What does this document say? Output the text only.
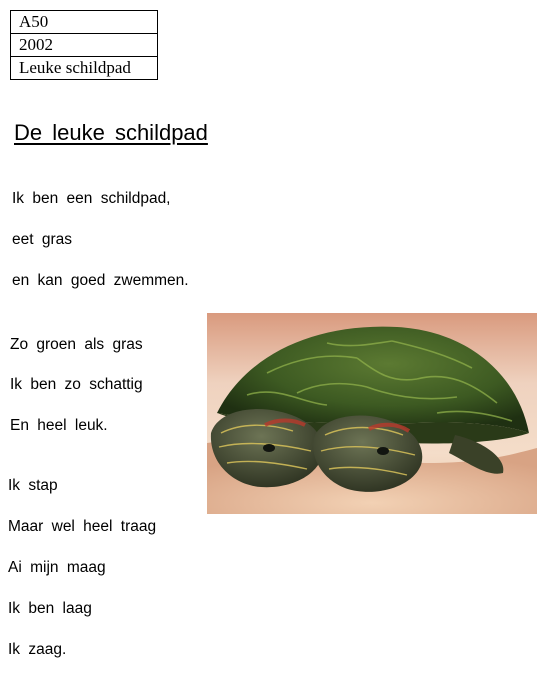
A50
2002
Leuke schildpad
De leuke schildpad

Ik ben een schildpad,

eet gras

en kan goed zwemmen.

Zo groen als gras

Ik ben zo schattig

En heel leuk.

Ik stap

Maar wel heel traag

Ai mijn maag

Ik ben laag

Ik zaag.
